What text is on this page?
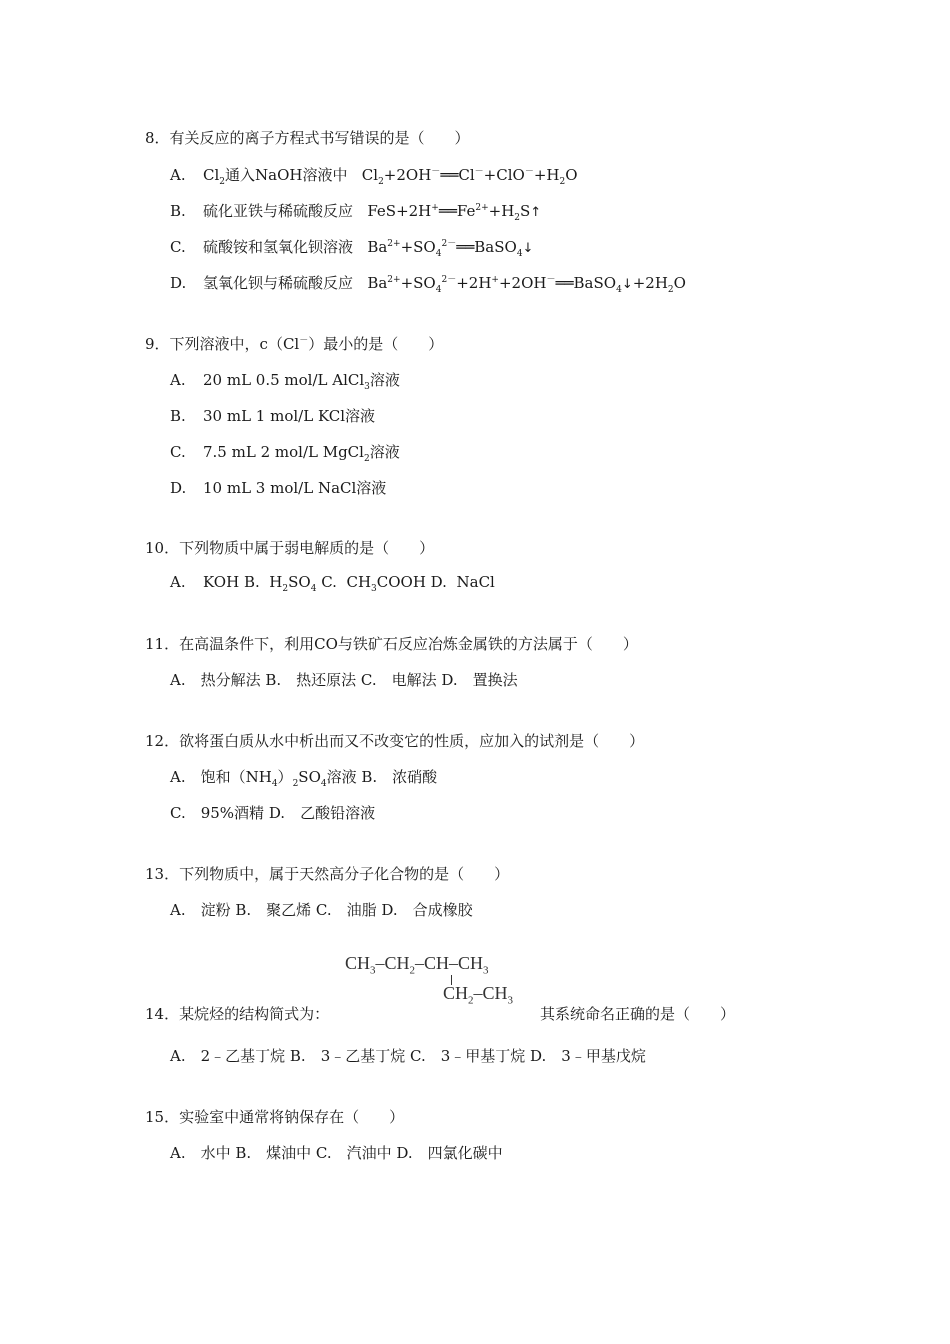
8．有关反应的离子方程式书写错误的是（　　）
A. $Cl_2$通入NaOH溶液中 $Cl_2+2OH^-══Cl^-+ClO^-+H_2O$
B. 硫化亚铁与稀硫酸反应 $FeS+2H^+══Fe^{2+}+H_2S↑$
C. 硫酸铵和氢氧化钡溶液 $Ba^{2+}+SO_4^{2-}══BaSO_4↓$
D. 氢氧化钡与稀硫酸反应 $Ba^{2+}+SO_4^{2-}+2H^++2OH^-══BaSO_4↓+2H_2O$
9．下列溶液中，c（Cl－）最小的是（　　）
A. 20 mL 0.5 mol/L AlCl$_3$溶液
B. 30 mL 1 mol/L KCl溶液
C. 7.5 mL 2 mol/L MgCl$_2$溶液
D. 10 mL 3 mol/L NaCl溶液
10．下列物质中属于弱电解质的是（　　）
A. KOH B. $H_2SO_4$ C. $CH_3COOH$ D. NaCl
11．在高温条件下，利用CO与铁矿石反应冶炼金属铁的方法属于（　　）
A.　热分解法 B.　热还原法 C.　电解法 D.　置换法
12．欲将蛋白质从水中析出而又不改变它的性质，应加入的试剂是（　　）
A.　饱和$(NH_4)_2SO_4$溶液 B.　浓硝酸
C.　95%酒精 D.　乙酸铅溶液
13．下列物质中，属于天然高分子化合物的是（　　）
A.　淀粉 B.　聚乙烯 C.　油脂 D.　合成橡胶
$CH_3-CH_2-CH-CH_3$
$CH_2-CH_3$
14．某烷烃的结构简式为：	其系统命名正确的是（　　）
A.　2﹣乙基丁烷 B.　3﹣乙基丁烷 C.　3﹣甲基丁烷 D.　3﹣甲基戊烷
15．实验室中通常将钠保存在（　　）
A.　水中 B.　煤油中 C.　汽油中 D.　四氯化碳中
